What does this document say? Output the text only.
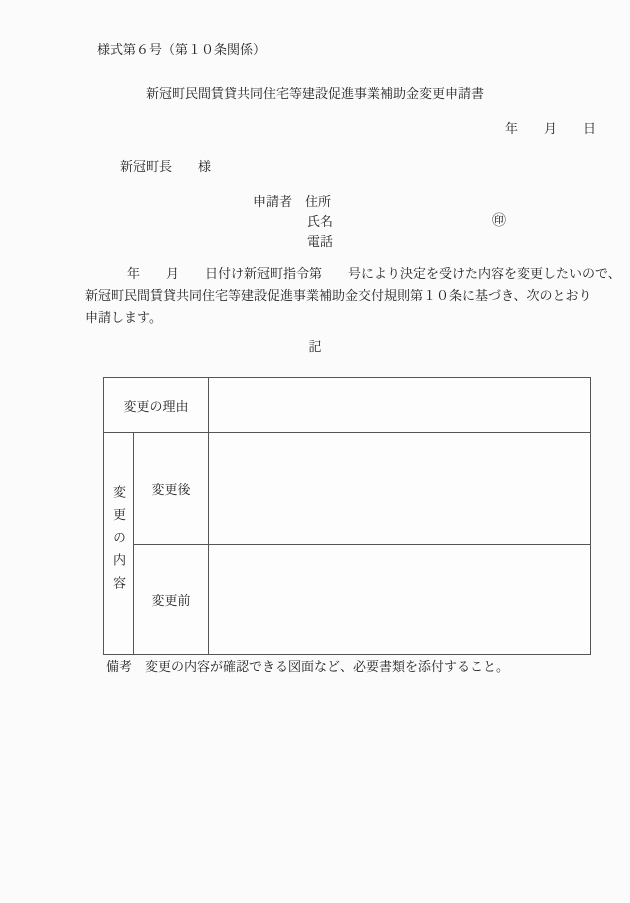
様式第６号（第１０条関係）
新冠町民間賃貸共同住宅等建設促進事業補助金変更申請書
年　　月　　日
新冠町長　　様
申請者　住所
氏名
電話
㊞
年　　月　　日付け新冠町指令第　　号により決定を受けた内容を変更したいので、
新冠町民間賃貸共同住宅等建設促進事業補助金交付規則第１０条に基づき、次のとおり
申請します。
記
変更の理由		
変更の内容	変更後	
	変更前	
備考　変更の内容が確認できる図面など、必要書類を添付すること。
